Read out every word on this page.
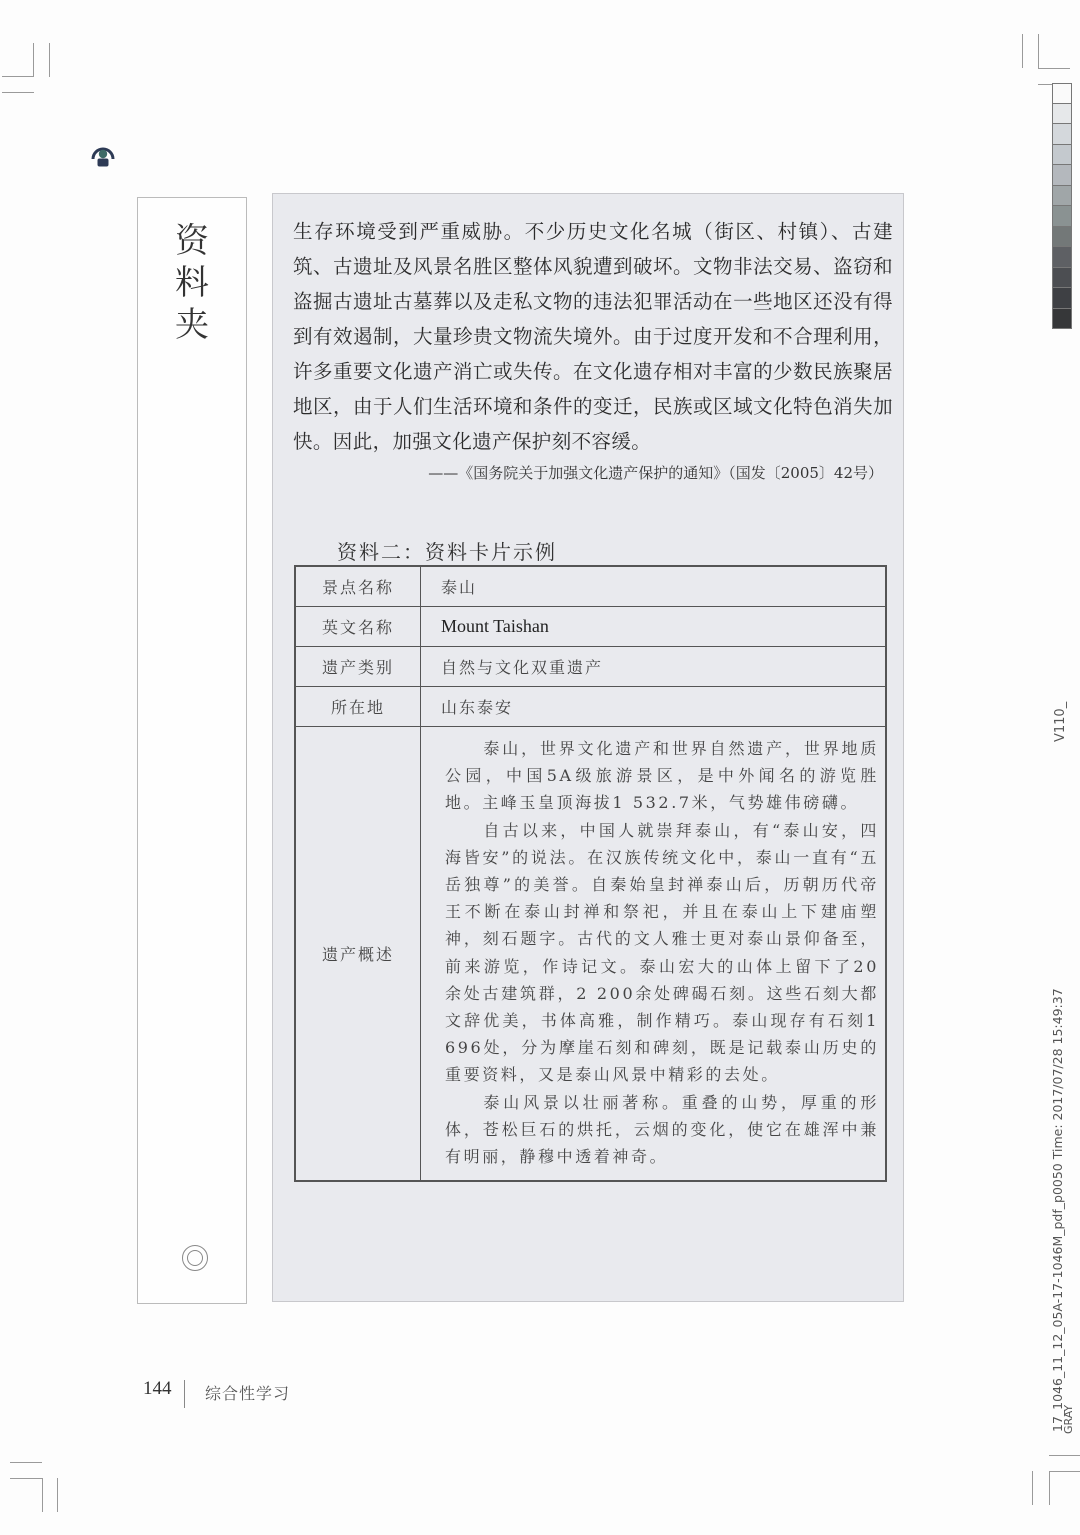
资
料
夹
生存环境受到严重威胁。不少历史文化名城（街区、村镇）、古建筑、古遗址及风景名胜区整体风貌遭到破坏。文物非法交易、盗窃和盗掘古遗址古墓葬以及走私文物的违法犯罪活动在一些地区还没有得到有效遏制，大量珍贵文物流失境外。由于过度开发和不合理利用，许多重要文化遗产消亡或失传。在文化遗存相对丰富的少数民族聚居地区，由于人们生活环境和条件的变迁，民族或区域文化特色消失加快。因此，加强文化遗产保护刻不容缓。
——《国务院关于加强文化遗产保护的通知》（国发〔2005〕42号）
资料二：资料卡片示例
景点名称	泰山
英文名称	Mount Taishan
遗产类别	自然与文化双重遗产
所在地	山东泰安
遗产概述	泰山，世界文化遗产和世界自然遗产，世界地质公园，中国5A级旅游景区，是中外闻名的游览胜地。主峰玉皇顶海拔1 532.7米，气势雄伟磅礴。

自古以来，中国人就崇拜泰山，有“泰山安，四海皆安”的说法。在汉族传统文化中，泰山一直有“五岳独尊”的美誉。自秦始皇封禅泰山后，历朝历代帝王不断在泰山封禅和祭祀，并且在泰山上下建庙塑神，刻石题字。古代的文人雅士更对泰山景仰备至，前来游览，作诗记文。泰山宏大的山体上留下了20余处古建筑群，2 200余处碑碣石刻。这些石刻大都文辞优美，书体高雅，制作精巧。泰山现存有石刻1 696处，分为摩崖石刻和碑刻，既是记载泰山历史的重要资料，又是泰山风景中精彩的去处。

泰山风景以壮丽著称。重叠的山势，厚重的形体，苍松巨石的烘托，云烟的变化，使它在雄浑中兼有明丽，静穆中透着神奇。

144 综合性学习
V110_
17_1046_11_12_05A-17-1046M_pdf_p0050 Time: 2017/07/28 15:49:37
GRAY
